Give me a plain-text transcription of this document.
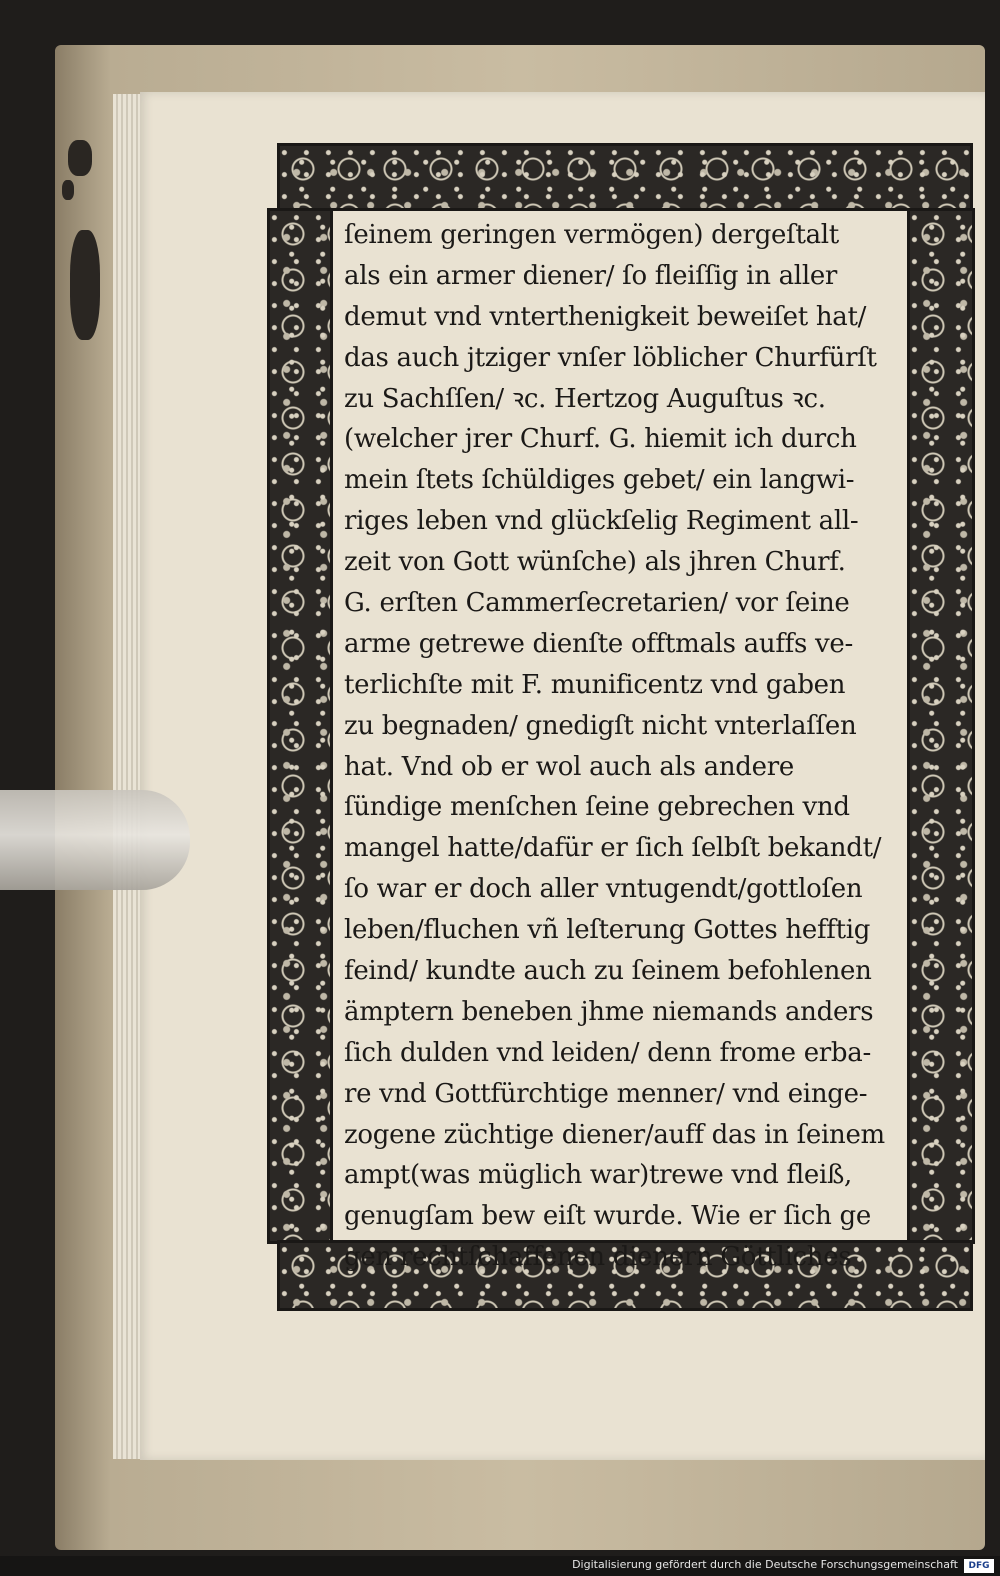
ſeinem geringen vermögen) dergeſtalt
als ein armer diener/ ſo fleiſſig in aller
demut vnd vnterthenigkeit beweiſet hat/
das auch jtziger vnſer löblicher Churfürſt
zu Sachſſen/ ꝛc. Hertzog Auguſtus ꝛc.
(welcher jrer Churf. G. hiemit ich durch
mein ſtets ſchüldiges gebet/ ein langwi-
riges leben vnd glückſelig Regiment all-
zeit von Gott wünſche) als jhren Churf.
G. erſten Cammerſecretarien/ vor ſeine
arme getrewe dienſte offtmals auffs ve-
terlichſte mit F. munificentz vnd gaben
zu begnaden/ gnedigſt nicht vnterlaſſen
hat. Vnd ob er wol auch als andere
ſündige menſchen ſeine gebrechen vnd
mangel hatte/dafür er ſich ſelbſt bekandt/
ſo war er doch aller vntugendt/gottloſen
leben/fluchen vñ leſterung Gottes hefftig
feind/ kundte auch zu ſeinem befohlenen
ämptern beneben jhme niemands anders
ſich dulden vnd leiden/ denn frome erba-
re vnd Gottfürchtige menner/ vnd einge-
zogene züchtige diener/auff das in ſeinem
ampt(was müglich war)trewe vnd fleiß,
genugſam bew eiſt wurde. Wie er ſich ge
gen rechtſchaffenen dienern Göttliches
Digitalisierung gefördert durch die Deutsche Forschungsgemeinschaft	DFG
